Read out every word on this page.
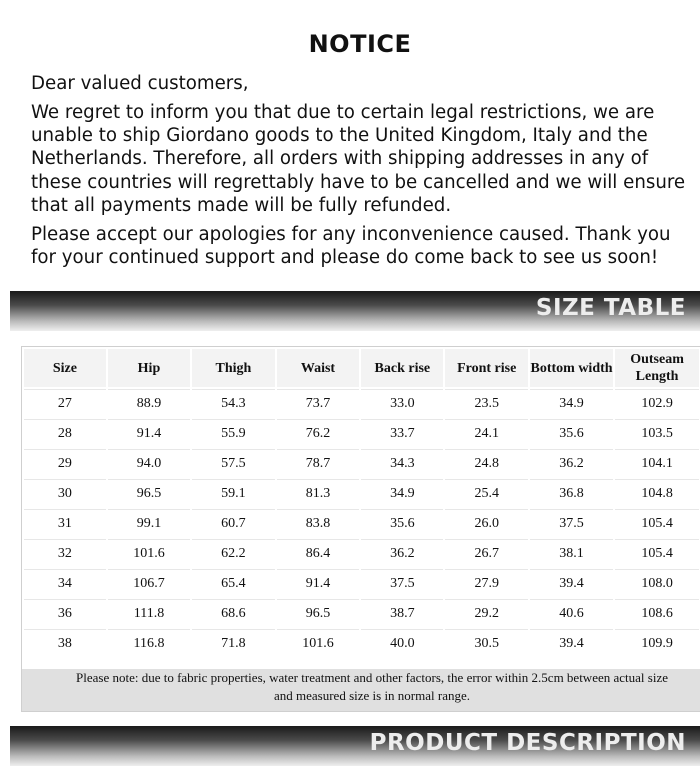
NOTICE
Dear valued customers,
We regret to inform you that due to certain legal restrictions, we are
unable to ship Giordano goods to the United Kingdom, Italy and the
Netherlands. Therefore, all orders with shipping addresses in any of
these countries will regrettably have to be cancelled and we will ensure
that all payments made will be fully refunded.
Please accept our apologies for any inconvenience caused. Thank you
for your continued support and please do come back to see us soon!
SIZE TABLE
Size	Hip	Thigh	Waist	Back rise	Front rise	Bottom width	Outseam Length
27	88.9	54.3	73.7	33.0	23.5	34.9	102.9
28	91.4	55.9	76.2	33.7	24.1	35.6	103.5
29	94.0	57.5	78.7	34.3	24.8	36.2	104.1
30	96.5	59.1	81.3	34.9	25.4	36.8	104.8
31	99.1	60.7	83.8	35.6	26.0	37.5	105.4
32	101.6	62.2	86.4	36.2	26.7	38.1	105.4
34	106.7	65.4	91.4	37.5	27.9	39.4	108.0
36	111.8	68.6	96.5	38.7	29.2	40.6	108.6
38	116.8	71.8	101.6	40.0	30.5	39.4	109.9
Please note: due to fabric properties, water treatment and other factors, the error within 2.5cm between actual size
and measured size is in normal range.
PRODUCT DESCRIPTION
